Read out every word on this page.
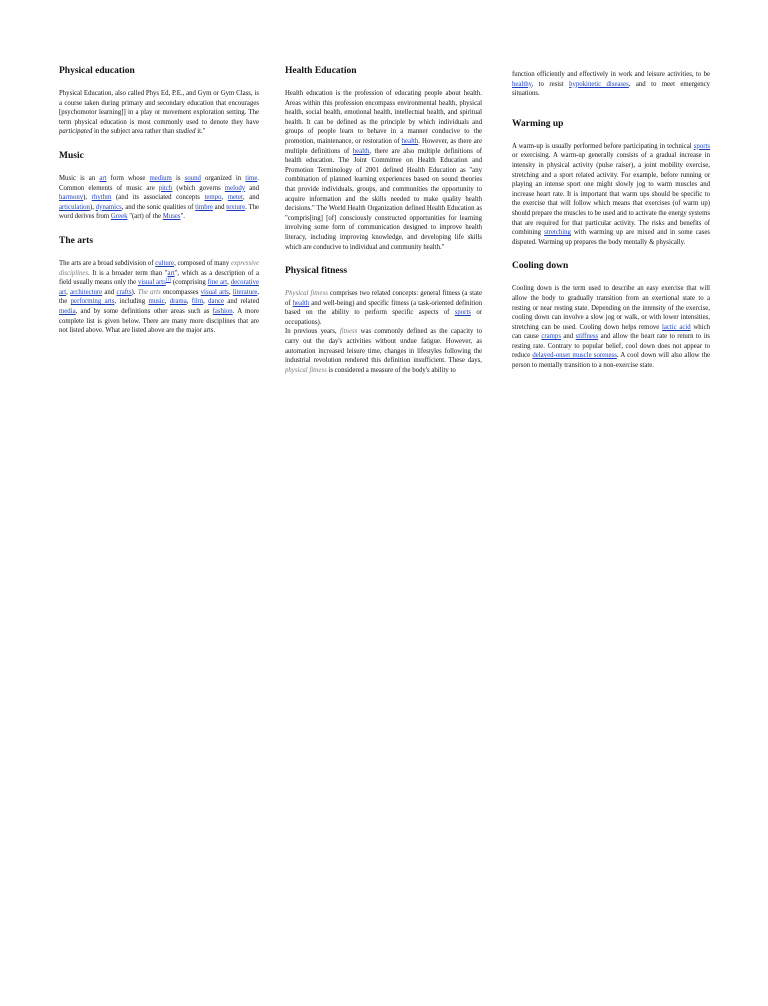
Physical education

Physical Education, also called Phys Ed, P.E., and Gym or Gym Class, is a course taken during primary and secondary education that encourages [psychomotor learning]] in a play or movement exploration setting. The term physical education is most commonly used to denote they have participated in the subject area rather than studied it."

Music

Music is an art form whose medium is sound organized in time. Common elements of music are pitch (which governs melody and harmony), rhythm (and its associated concepts tempo, meter, and articulation), dynamics, and the sonic qualities of timbre and texture. The word derives from Greek "(art) of the Muses".

The arts

The arts are a broad subdivision of culture, composed of many expressive disciplines. It is a broader term than "art", which as a description of a field usually means only the visual arts[1] (comprising fine art, decorative art, architecture and crafts). The arts encompasses visual arts, literature, the performing arts, including music, drama, film, dance and related media, and by some definitions other areas such as fashion. A more complete list is given below. There are many more disciplines that are not listed above. What are listed above are the major arts.

Health Education

Health education is the profession of educating people about health. Areas within this profession encompass environmental health, physical health, social health, emotional health, intellectual health, and spiritual health. It can be defined as the principle by which individuals and groups of people learn to behave in a manner conducive to the promotion, maintenance, or restoration of health. However, as there are multiple definitions of health, there are also multiple definitions of health education. The Joint Committee on Health Education and Promotion Terminology of 2001 defined Health Education as "any combination of planned learning experiences based on sound theories that provide individuals, groups, and communities the opportunity to acquire information and the skills needed to make quality health decisions." The World Health Organization defined Health Education as "compris[ing] [of] consciously constructed opportunities for learning involving some form of communication designed to improve health literacy, including improving knowledge, and developing life skills which are conducive to individual and community health."

Physical fitness

Physical fitness comprises two related concepts: general fitness (a state of health and well-being) and specific fitness (a task-oriented definition based on the ability to perform specific aspects of sports or occupations).

In previous years, fitness was commonly defined as the capacity to carry out the day's activities without undue fatigue. However, as automation increased leisure time, changes in lifestyles following the industrial revolution rendered this definition insufficient. These days, physical fitness is considered a measure of the body's ability to

function efficiently and effectively in work and leisure activities, to be healthy, to resist hypokinetic diseases, and to meet emergency situations.

Warming up

A warm-up is usually performed before participating in technical sports or exercising. A warm-up generally consists of a gradual increase in intensity in physical activity (pulse raiser), a joint mobility exercise, stretching and a sport related activity. For example, before running or playing an intense sport one might slowly jog to warm muscles and increase heart rate. It is important that warm ups should be specific to the exercise that will follow which means that exercises (of warm up) should prepare the muscles to be used and to activate the energy systems that are required for that particular activity. The risks and benefits of combining stretching with warming up are mixed and in some cases disputed. Warming up prepares the body mentally & physically.

Cooling down

Cooling down is the term used to describe an easy exercise that will allow the body to gradually transition from an exertional state to a resting or near resting state. Depending on the intensity of the exercise, cooling down can involve a slow jog or walk, or with lower intensities, stretching can be used. Cooling down helps remove lactic acid which can cause cramps and stiffness and allow the heart rate to return to its resting rate. Contrary to popular belief, cool down does not appear to reduce delayed-onset muscle soreness. A cool down will also allow the person to mentally transition to a non-exercise state.
